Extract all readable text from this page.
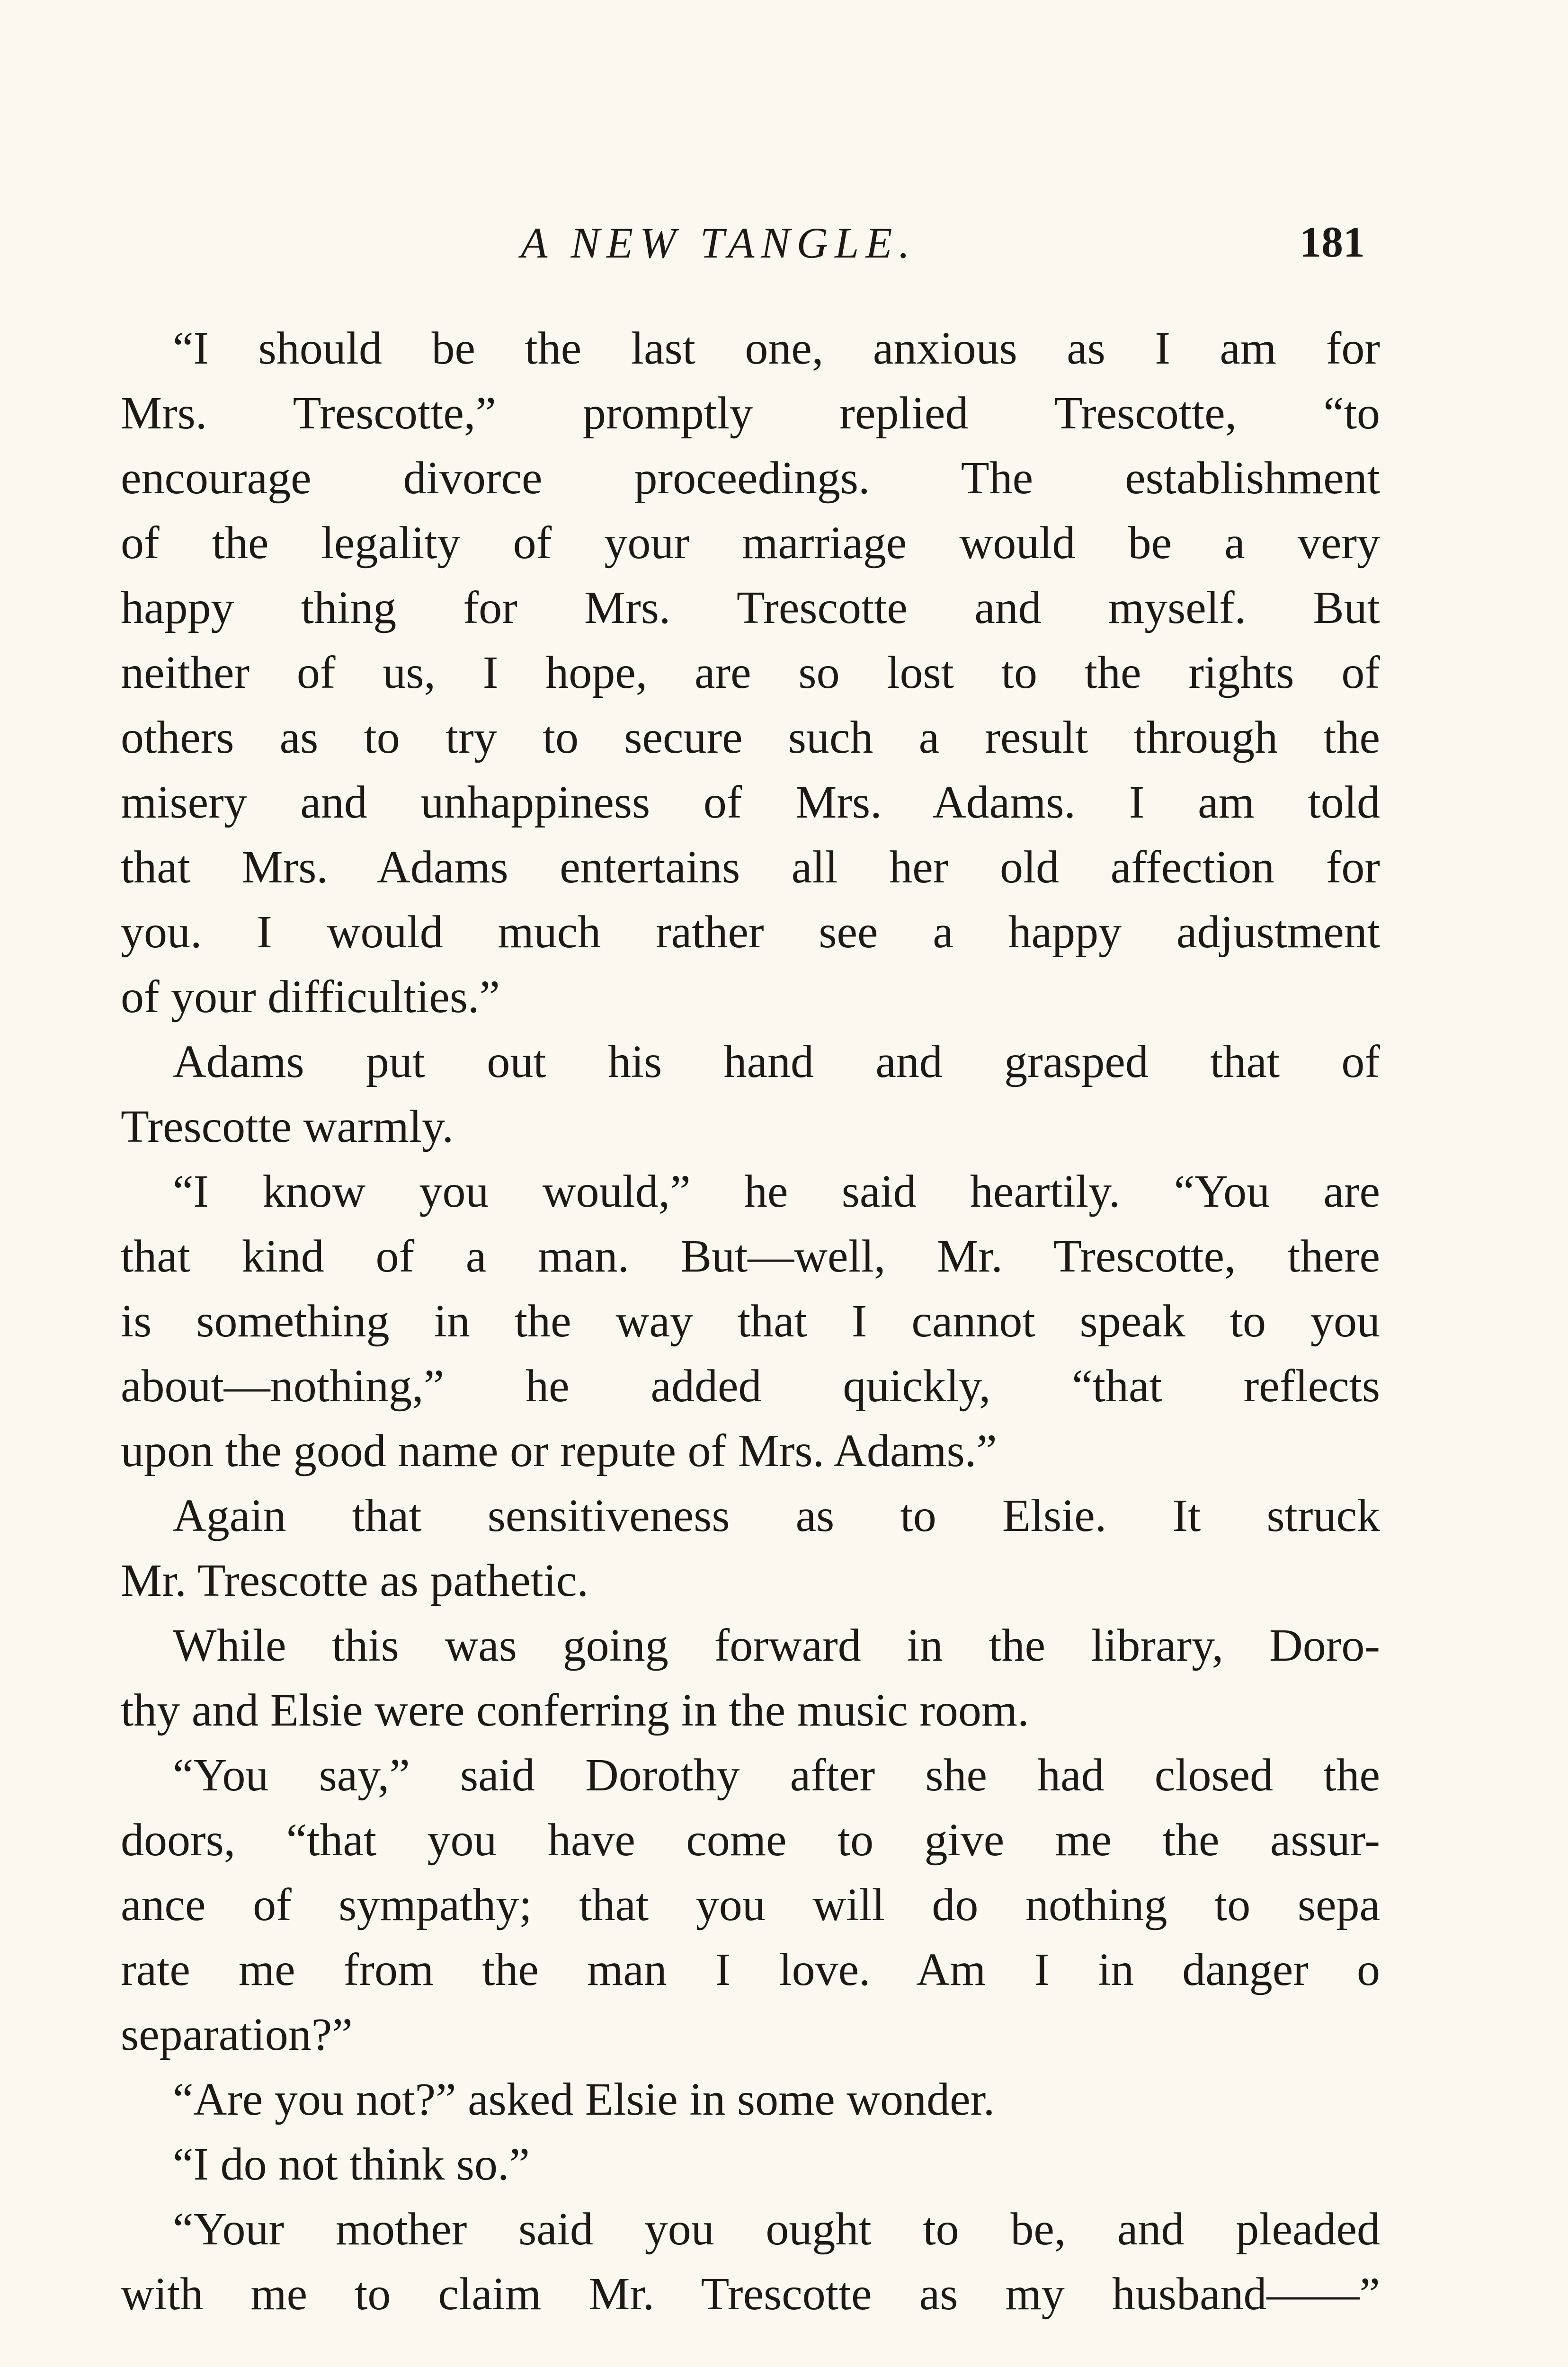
A NEW TANGLE.	181
“I should be the last one, anxious as I am for
Mrs. Trescotte,” promptly replied Trescotte, “to
encourage divorce proceedings. The establishment
of the legality of your marriage would be a very
happy thing for Mrs. Trescotte and myself. But
neither of us, I hope, are so lost to the rights of
others as to try to secure such a result through the
misery and unhappiness of Mrs. Adams. I am told
that Mrs. Adams entertains all her old affection for
you. I would much rather see a happy adjustment
of your difficulties.”
Adams put out his hand and grasped that of
Trescotte warmly.
“I know you would,” he said heartily. “You are
that kind of a man. But—well, Mr. Trescotte, there
is something in the way that I cannot speak to you
about—nothing,” he added quickly, “that reflects
upon the good name or repute of Mrs. Adams.”
Again that sensitiveness as to Elsie. It struck
Mr. Trescotte as pathetic.
While this was going forward in the library, Doro-
thy and Elsie were conferring in the music room.
“You say,” said Dorothy after she had closed the
doors, “that you have come to give me the assur-
ance of sympathy; that you will do nothing to sepa
rate me from the man I love. Am I in danger o
separation?”
“Are you not?” asked Elsie in some wonder.
“I do not think so.”
“Your mother said you ought to be, and pleaded
with me to claim Mr. Trescotte as my husband——”
